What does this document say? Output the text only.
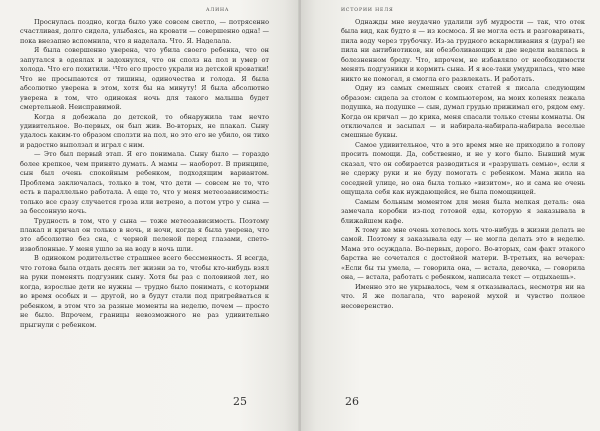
АЛИНА

Проснулась поздно, когда было уже совсем светло, — потрясенно счастливая, долго сидела, улыбаясь, на кровати — совершенно одна! — пока внезапно вспомнила, что я наделала. Что. Я. Наделала.

Я была совершенно уверена, что убила своего ребенка, что он запутался в одеялах и задохнулся, что он сполз на пол и умер от холода. Что его похитили. ¹Что его просто украли из детской кроватки! Что не просыпаются от тишины, одиночества и голода. Я была абсолютно уверена в этом, хотя бы на минуту! Я была абсолютно уверена в том, что одинокая ночь для такого малыша будет смертельной. Неисправимой.

Когда я добежала до детской, то обнаружила там нечто удивительное. Во-первых, он был жив. Во-вторых, не плакал. Сыну удалось каким-то образом сползти на пол, но это его не убило, он тихо и радостно выползал и играл с ним.

— Это был первый этап. Я его понимала. Сыну было — гораздо более крепкое, чем принято думать. А мамы — наоборот. В принципе, сын был очень спокойным ребенком, подходящим вариантом. Проблема заключалась, только в том, что дети — совсем не то, что есть в параллельно работала. А еще то, что у меня метеозависимость: только все сразу случается гроза или ветрено, а потом утро у сына — за бессонную ночь.

Трудность в том, что у сына — тоже метеозависимость. Поэтому плакал и кричал он только в ночь, и ночи, когда я была уверена, что это абсолютно без сна, с черной пеленой перед глазами, спето-извоблонные. У меня ушло за на воду в ночь шли.

В одиноком родительстве страшнее всего бессменность. Я всегда, что готова была отдать десять лет жизни за то, чтобы кто-нибудь взял на руки поменять подгузник сыну. Хотя бы раз с половиной лет, но когда, взрослые дети не нужны — трудно было понимать, с которыми во время особых и — другой, но в будут стали под пригрейваться к ребенком, в этом что за разные моменты на неделю, почем — просто не было. Впрочем, границы невозможного не раз удивительно прыгнули с ребенком.

25
ИСТОРИИ НЕЛЯ

Однажды мне неудачно удалили зуб мудрости — так, что отек была вид, как будто я — из космоса. Я не могла есть и разговаривать, пила воду через трубочку. Из-за грудного вскармливания я (дура!) не пила ни антибиотиков, ни обезболивающих и две недели валялась в болезненном бреду. Что, впрочем, не избавляло от необходимости менять подгузники и кормить сына. И я все-таки умудрилась, что мне никто не помогал, я смогла его развлекать. И работать.

Одну из самых смешных своих статей я писала следующим образом: сидела за столом с компьютером, на моих коленях лежала подушка, на подушке — сын, думал грудью прижимал его, рядом ему. Когда он кричал — до крика, меня спасали только стены комнаты. Он отключался и засыпал — и набирала-набирала-набирала веселые смешные буквы.

Самое удивительное, что в это время мне не приходило в голову просить помощи. Да, собственно, и не у кого было. Бывший муж сказал, что он собирается разводиться и «разрушать семью», если я не сдержу руки и не буду помогать с ребенком. Мама жила на соседней улице, но она была только «визитом», но и сама не очень ощущала себя как нуждающейся, не была помощницей.

Самым больным моментом для меня была мелкая деталь: она замечала коробки из-под готовой еды, которую я заказывала в ближайшем кафе.

К тому же мне очень хотелось хоть что-нибудь в жизни делать не самой. Поэтому я заказывала еду — не могла делать это в неделю. Мама это осуждала. Во-первых, дорого. Во-вторых, сам факт этакого барства не сочетался с достойной матери. В-третьих, на вечерах: «Если бы ты умела, — говорила она, — встала, девочка, — говорила она, — встала, работать с ребенком, написала текст — отдыхаешь».

Именно это не укрывалось, чем я отказывалась, несмотря ни на что. Я же полагала, что вареной мухой и чувство полное несоверенство.

26
